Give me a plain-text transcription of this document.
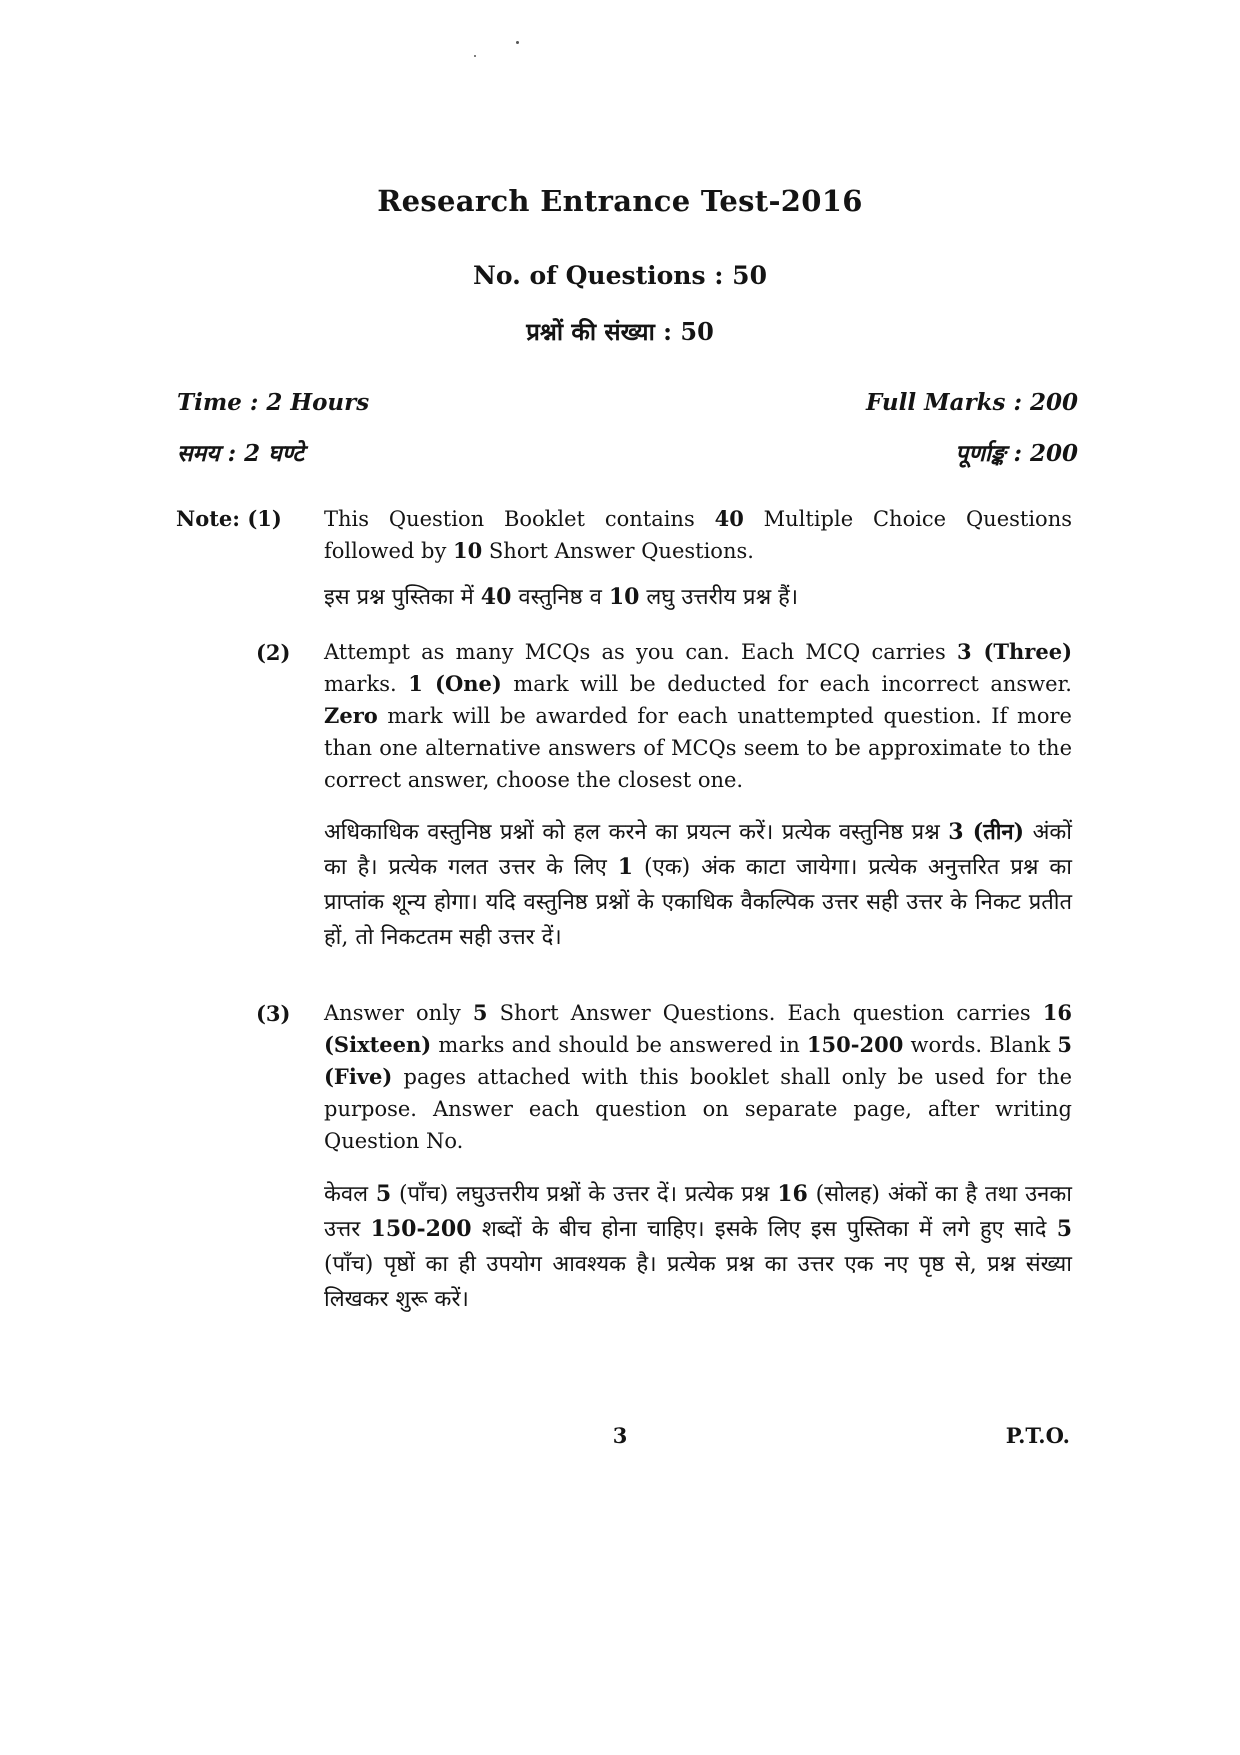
Research Entrance Test-2016
No. of Questions : 50
प्रश्नों की संख्या : 50
Time : 2 Hours
समय : 2 घण्टे
Full Marks : 200
पूर्णाङ्क : 200
Note: (1) This Question Booklet contains 40 Multiple Choice Questions followed by 10 Short Answer Questions.
इस प्रश्न पुस्तिका में 40 वस्तुनिष्ठ व 10 लघु उत्तरीय प्रश्न हैं।
(2) Attempt as many MCQs as you can. Each MCQ carries 3 (Three) marks. 1 (One) mark will be deducted for each incorrect answer. Zero mark will be awarded for each unattempted question. If more than one alternative answers of MCQs seem to be approximate to the correct answer, choose the closest one.
अधिकाधिक वस्तुनिष्ठ प्रश्नों को हल करने का प्रयत्न करें। प्रत्येक वस्तुनिष्ठ प्रश्न 3 (तीन) अंकों का है। प्रत्येक गलत उत्तर के लिए 1 (एक) अंक काटा जायेगा। प्रत्येक अनुत्तरित प्रश्न का प्राप्तांक शून्य होगा। यदि वस्तुनिष्ठ प्रश्नों के एकाधिक वैकल्पिक उत्तर सही उत्तर के निकट प्रतीत हों, तो निकटतम सही उत्तर दें।
(3) Answer only 5 Short Answer Questions. Each question carries 16 (Sixteen) marks and should be answered in 150-200 words. Blank 5 (Five) pages attached with this booklet shall only be used for the purpose. Answer each question on separate page, after writing Question No.
केवल 5 (पाँच) लघुउत्तरीय प्रश्नों के उत्तर दें। प्रत्येक प्रश्न 16 (सोलह) अंकों का है तथा उनका उत्तर 150-200 शब्दों के बीच होना चाहिए। इसके लिए इस पुस्तिका में लगे हुए सादे 5 (पाँच) पृष्ठों का ही उपयोग आवश्यक है। प्रत्येक प्रश्न का उत्तर एक नए पृष्ठ से, प्रश्न संख्या लिखकर शुरू करें।
3	P.T.O.
